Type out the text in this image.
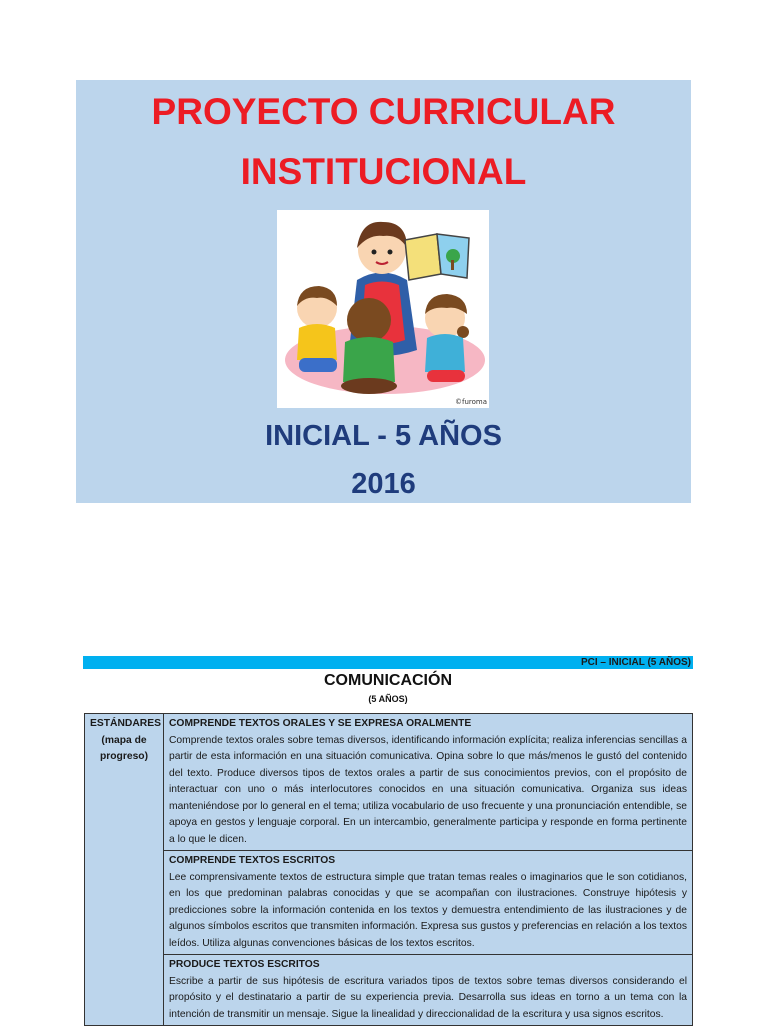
PROYECTO CURRICULAR
INSTITUCIONAL
©furoma
INICIAL - 5 AÑOS
2016
PCI – INICIAL (5 AÑOS)
COMUNICACIÓN
(5 AÑOS)
ESTÁNDARES
(mapa de
progreso)

COMPRENDE TEXTOS ORALES Y SE EXPRESA ORALMENTE
Comprende textos orales sobre temas diversos, identificando información explícita; realiza inferencias sencillas a partir de esta información en una situación comunicativa. Opina sobre lo que más/menos le gustó del contenido del texto. Produce diversos tipos de textos orales a partir de sus conocimientos previos, con el propósito de interactuar con uno o más interlocutores conocidos en una situación comunicativa. Organiza sus ideas manteniéndose por lo general en el tema; utiliza vocabulario de uso frecuente y una pronunciación entendible, se apoya en gestos y lenguaje corporal. En un intercambio, generalmente participa y responde en forma pertinente a lo que le dicen.

COMPRENDE TEXTOS ESCRITOS
Lee comprensivamente textos de estructura simple que tratan temas reales o imaginarios que le son cotidianos, en los que predominan palabras conocidas y que se acompañan con ilustraciones. Construye hipótesis y predicciones sobre la información contenida en los textos y demuestra entendimiento de las ilustraciones y de algunos símbolos escritos que transmiten información. Expresa sus gustos y preferencias en relación a los textos leídos. Utiliza algunas convenciones básicas de los textos escritos.

PRODUCE TEXTOS ESCRITOS
Escribe a partir de sus hipótesis de escritura variados tipos de textos sobre temas diversos considerando el propósito y el destinatario a partir de su experiencia previa. Desarrolla sus ideas en torno a un tema con la intención de transmitir un mensaje. Sigue la linealidad y direccionalidad de la escritura y usa signos escritos.
